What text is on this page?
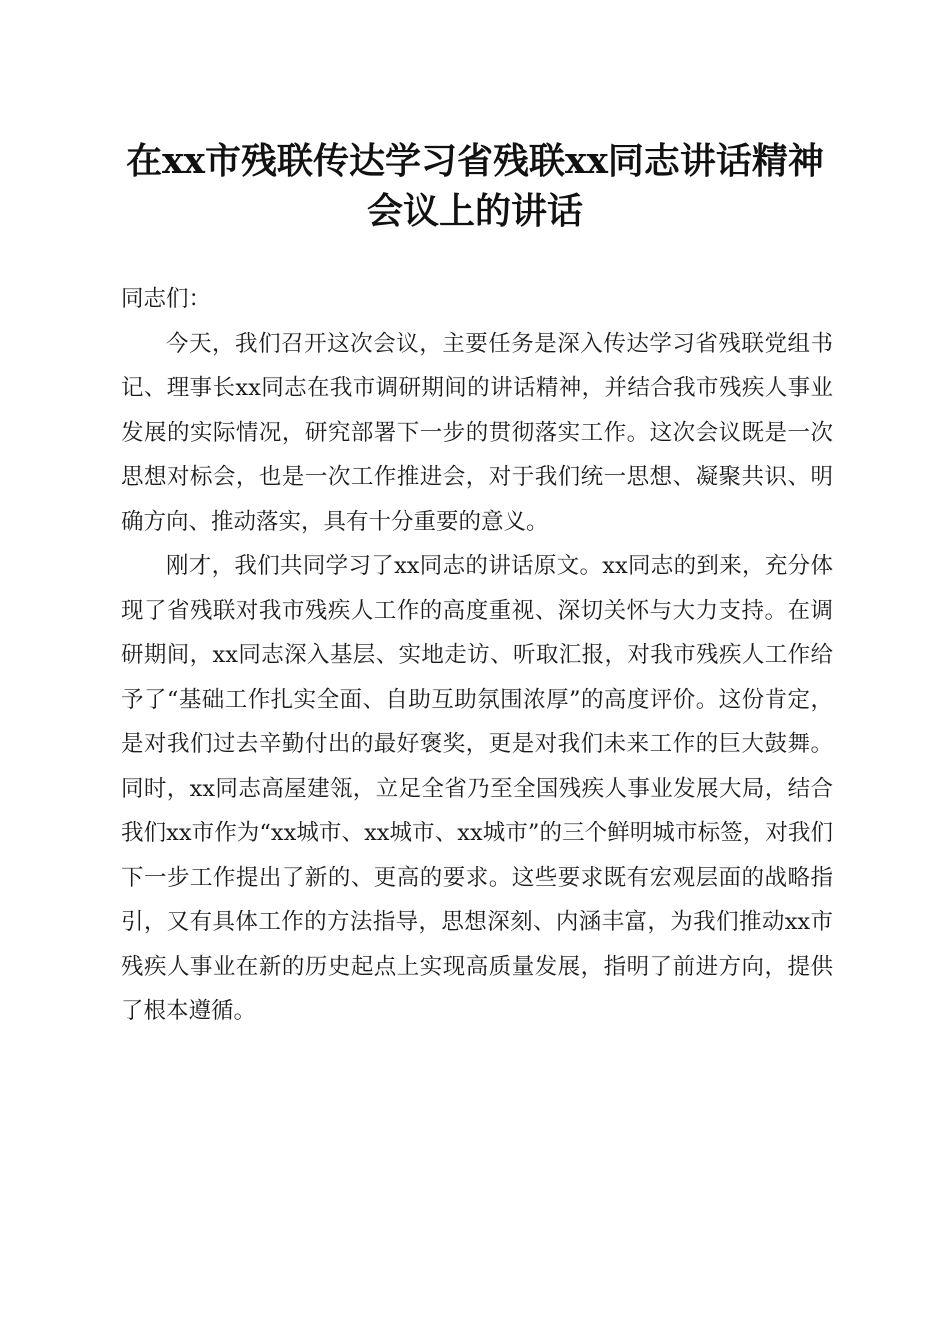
在xx市残联传达学习省残联xx同志讲话精神
会议上的讲话

同志们：

今天，我们召开这次会议，主要任务是深入传达学习省残联党组书记、理事长xx同志在我市调研期间的讲话精神，并结合我市残疾人事业发展的实际情况，研究部署下一步的贯彻落实工作。这次会议既是一次思想对标会，也是一次工作推进会，对于我们统一思想、凝聚共识、明确方向、推动落实，具有十分重要的意义。

刚才，我们共同学习了xx同志的讲话原文。xx同志的到来，充分体现了省残联对我市残疾人工作的高度重视、深切关怀与大力支持。在调研期间，xx同志深入基层、实地走访、听取汇报，对我市残疾人工作给予了“基础工作扎实全面、自助互助氛围浓厚”的高度评价。这份肯定，是对我们过去辛勤付出的最好褒奖，更是对我们未来工作的巨大鼓舞。同时，xx同志高屋建瓴，立足全省乃至全国残疾人事业发展大局，结合我们xx市作为“xx城市、xx城市、xx城市”的三个鲜明城市标签，对我们下一步工作提出了新的、更高的要求。这些要求既有宏观层面的战略指引，又有具体工作的方法指导，思想深刻、内涵丰富，为我们推动xx市残疾人事业在新的历史起点上实现高质量发展，指明了前进方向，提供了根本遵循。
